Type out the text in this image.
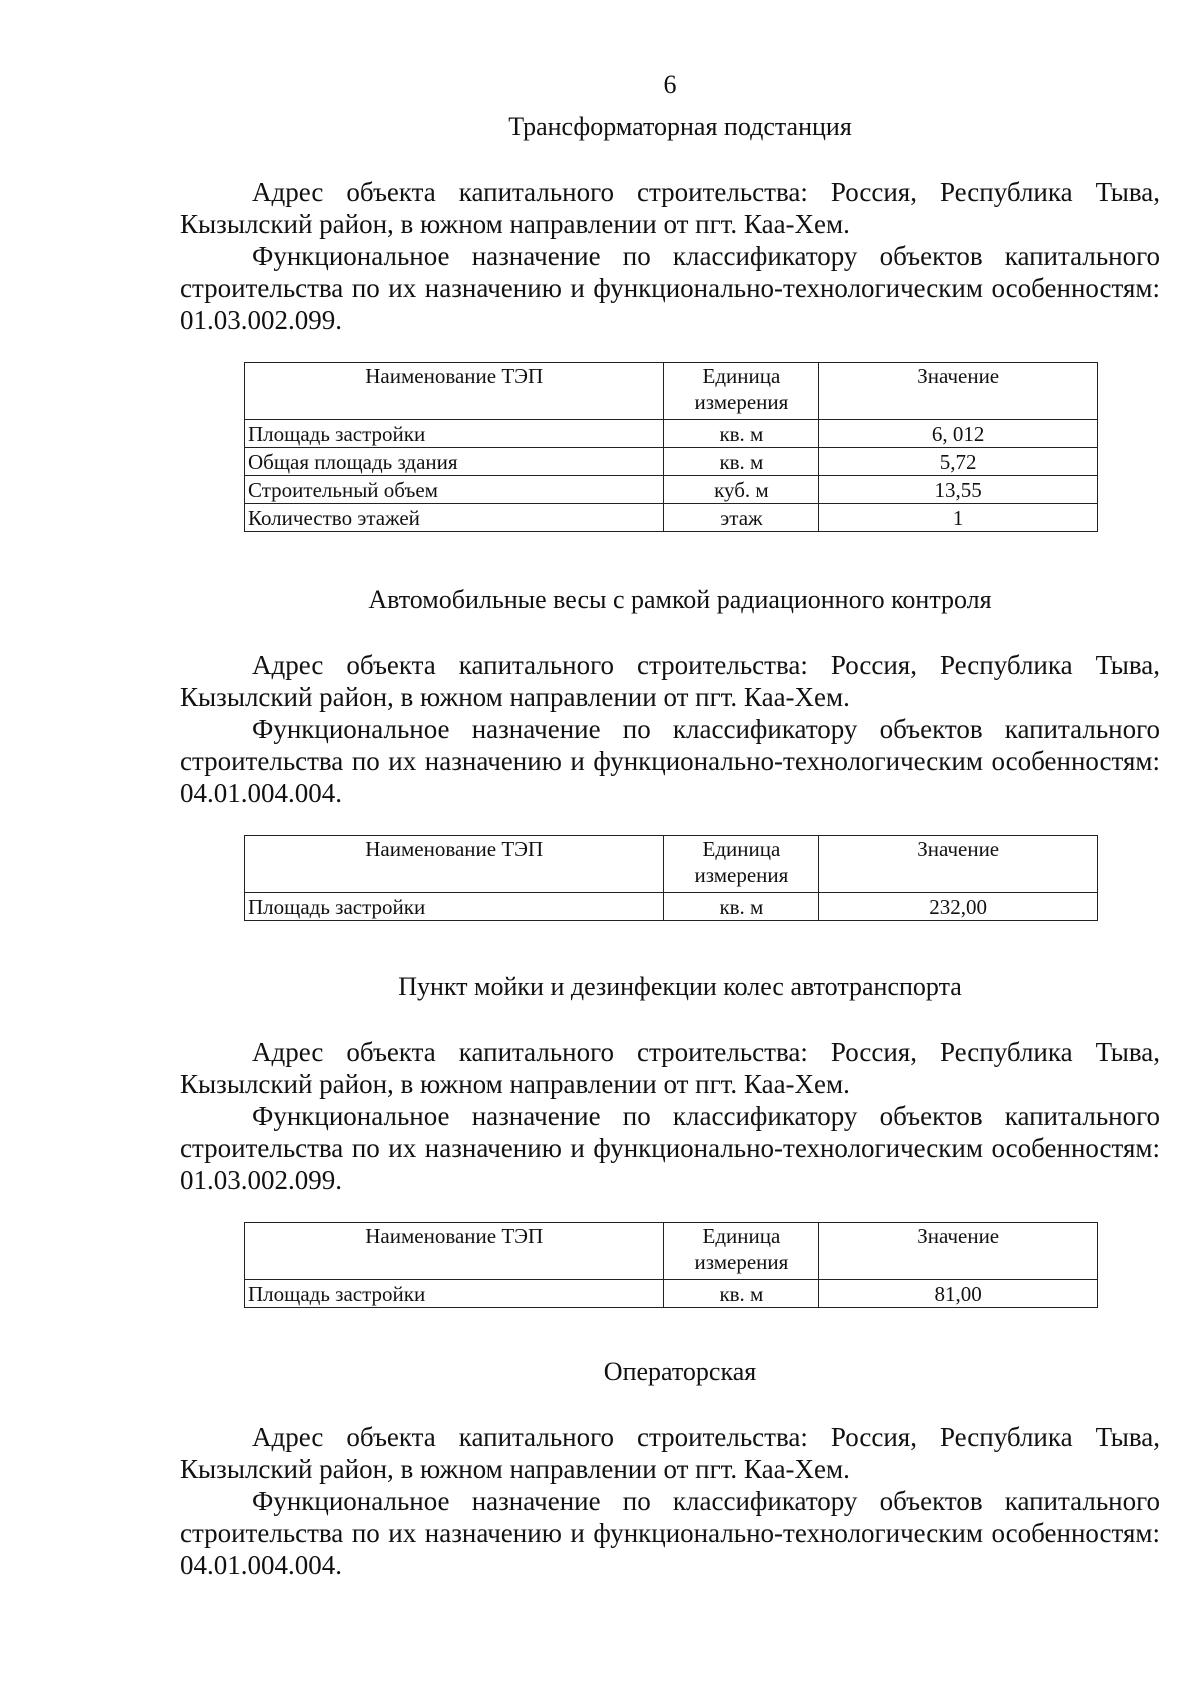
6

Трансформаторная подстанция

Адрес объекта капитального строительства: Россия, Республика Тыва, Кызылский район, в южном направлении от пгт. Каа-Хем.

Функциональное назначение по классификатору объектов капитального строительства по их назначению и функционально-технологическим особенностям: 01.03.002.099.

Наименование ТЭП	Единица измерения	Значение
Площадь застройки	кв. м	6, 012
Общая площадь здания	кв. м	5,72
Строительный объем	куб. м	13,55
Количество этажей	этаж	1

Автомобильные весы с рамкой радиационного контроля

Адрес объекта капитального строительства: Россия, Республика Тыва, Кызылский район, в южном направлении от пгт. Каа-Хем.

Функциональное назначение по классификатору объектов капитального строительства по их назначению и функционально-технологическим особенностям: 04.01.004.004.

Наименование ТЭП	Единица измерения	Значение
Площадь застройки	кв. м	232,00

Пункт мойки и дезинфекции колес автотранспорта

Адрес объекта капитального строительства: Россия, Республика Тыва, Кызылский район, в южном направлении от пгт. Каа-Хем.

Функциональное назначение по классификатору объектов капитального строительства по их назначению и функционально-технологическим особенностям: 01.03.002.099.

Наименование ТЭП	Единица измерения	Значение
Площадь застройки	кв. м	81,00

Операторская

Адрес объекта капитального строительства: Россия, Республика Тыва, Кызылский район, в южном направлении от пгт. Каа-Хем.

Функциональное назначение по классификатору объектов капитального строительства по их назначению и функционально-технологическим особенностям: 04.01.004.004.
